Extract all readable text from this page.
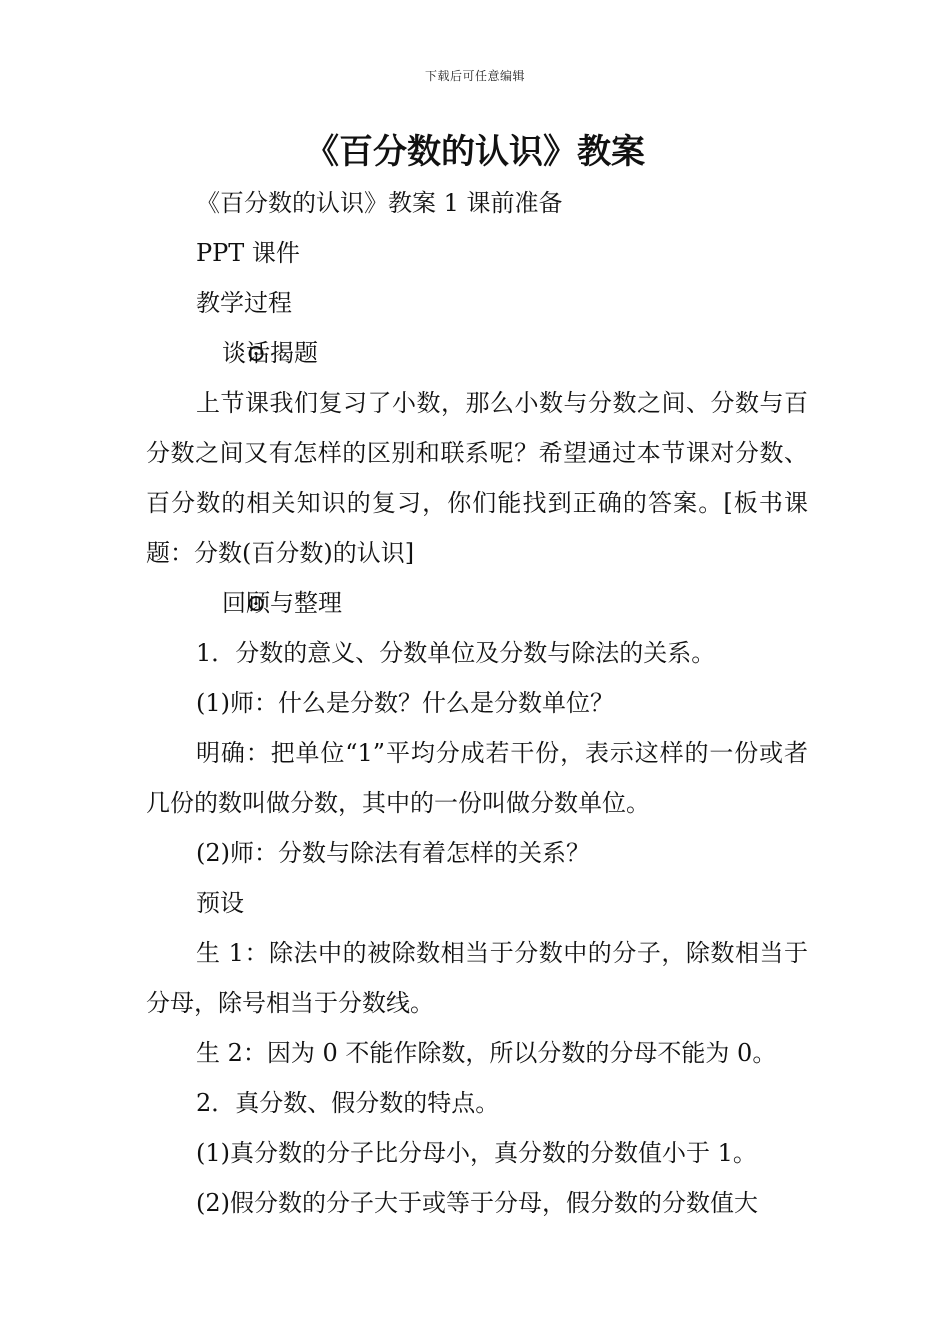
下载后可任意编辑
《百分数的认识》教案

《百分数的认识》教案 1 课前准备

PPT 课件

教学过程

⊙ 谈话揭题

上节课我们复习了小数，那么小数与分数之间、分数与百分数之间又有怎样的区别和联系呢？希望通过本节课对分数、百分数的相关知识的复习，你们能找到正确的答案。[板书课题：分数(百分数)的认识]

⊙ 回顾与整理

1．分数的意义、分数单位及分数与除法的关系。

(1)师：什么是分数？什么是分数单位？

明确：把单位“1”平均分成若干份，表示这样的一份或者几份的数叫做分数，其中的一份叫做分数单位。

(2)师：分数与除法有着怎样的关系？

预设

生 1：除法中的被除数相当于分数中的分子，除数相当于分母，除号相当于分数线。

生 2：因为 0 不能作除数，所以分数的分母不能为 0。

2．真分数、假分数的特点。

(1)真分数的分子比分母小，真分数的分数值小于 1。

(2)假分数的分子大于或等于分母，假分数的分数值大
